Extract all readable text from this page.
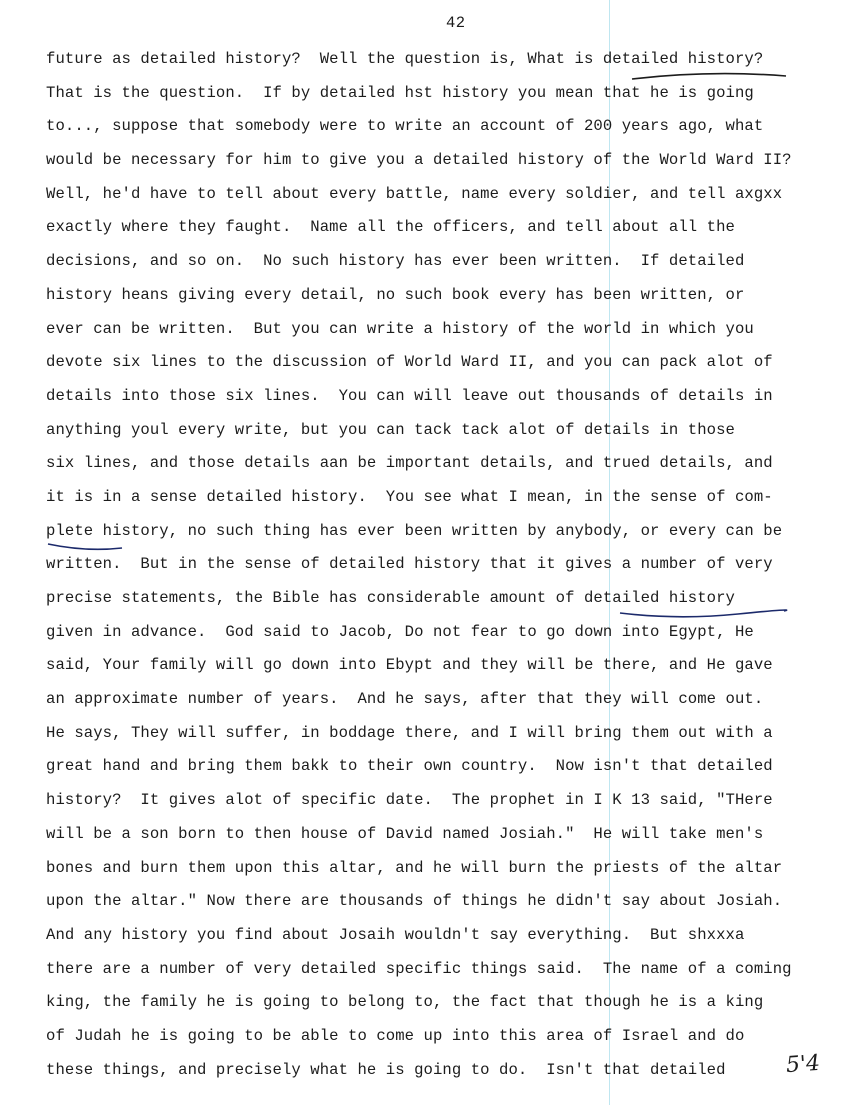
42
future as detailed history?  Well the question is, What is detailed history?
That is the question.  If by detailed hst history you mean that he is going
to..., suppose that somebody were to write an account of 200 years ago, what
would be necessary for him to give you a detailed history of the World Ward II?
Well, he'd have to tell about every battle, name every soldier, and tell axgxx
exactly where they faught.  Name all the officers, and tell about all the
decisions, and so on.  No such history has ever been written.  If detailed
history heans giving every detail, no such book every has been written, or
ever can be written.  But you can write a history of the world in which you
devote six lines to the discussion of World Ward II, and you can pack alot of
details into those six lines.  You can will leave out thousands of details in
anything youl every write, but you can tack tack alot of details in those
six lines, and those details aan be important details, and trued details, and
it is in a sense detailed history.  You see what I mean, in the sense of com-
plete history, no such thing has ever been written by anybody, or every can be
written.  But in the sense of detailed history that it gives a number of very
precise statements, the Bible has considerable amount of detailed history
given in advance.  God said to Jacob, Do not fear to go down into Egypt, He
said, Your family will go down into Ebypt and they will be there, and He gave
an approximate number of years.  And he says, after that they will come out.
He says, They will suffer, in boddage there, and I will bring them out with a
great hand and bring them bakk to their own country.  Now isn't that detailed
history?  It gives alot of specific date.  The prophet in I K 13 said, "THere
will be a son born to then house of David named Josiah."  He will take men's
bones and burn them upon this altar, and he will burn the priests of the altar
upon the altar." Now there are thousands of things he didn't say about Josiah.
And any history you find about Josaih wouldn't say everything.  But shxxxa
there are a number of very detailed specific things said.  The name of a coming
king, the family he is going to belong to, the fact that though he is a king
of Judah he is going to be able to come up into this area of Israel and do
these things, and precisely what he is going to do.  Isn't that detailed	5'4
